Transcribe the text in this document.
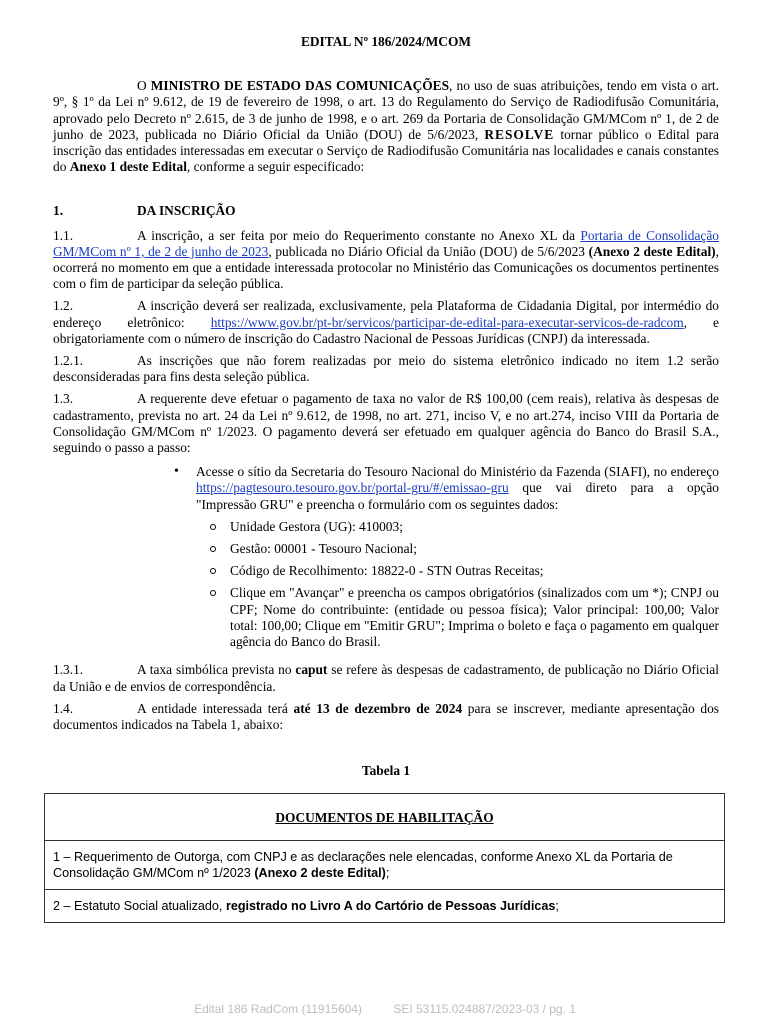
EDITAL Nº 186/2024/MCOM

O MINISTRO DE ESTADO DAS COMUNICAÇÕES, no uso de suas atribuições, tendo em vista o art. 9º, § 1º da Lei nº 9.612, de 19 de fevereiro de 1998, o art. 13 do Regulamento do Serviço de Radiodifusão Comunitária, aprovado pelo Decreto nº 2.615, de 3 de junho de 1998, e o art. 269 da Portaria de Consolidação GM/MCom nº 1, de 2 de junho de 2023, publicada no Diário Oficial da União (DOU) de 5/6/2023, RESOLVE tornar público o Edital para inscrição das entidades interessadas em executar o Serviço de Radiodifusão Comunitária nas localidades e canais constantes do Anexo 1 deste Edital, conforme a seguir especificado:

1.	DA INSCRIÇÃO

1.1.	A inscrição, a ser feita por meio do Requerimento constante no Anexo XL da Portaria de Consolidação GM/MCom nº 1, de 2 de junho de 2023, publicada no Diário Oficial da União (DOU) de 5/6/2023 (Anexo 2 deste Edital), ocorrerá no momento em que a entidade interessada protocolar no Ministério das Comunicações os documentos pertinentes com o fim de participar da seleção pública.

1.2.	A inscrição deverá ser realizada, exclusivamente, pela Plataforma de Cidadania Digital, por intermédio do endereço eletrônico: https://www.gov.br/pt-br/servicos/participar-de-edital-para-executar-servicos-de-radcom, e obrigatoriamente com o número de inscrição do Cadastro Nacional de Pessoas Jurídicas (CNPJ) da interessada.

1.2.1.	As inscrições que não forem realizadas por meio do sistema eletrônico indicado no item 1.2 serão desconsideradas para fins desta seleção pública.

1.3.	A requerente deve efetuar o pagamento de taxa no valor de R$ 100,00 (cem reais), relativa às despesas de cadastramento, prevista no art. 24 da Lei nº 9.612, de 1998, no art. 271, inciso V, e no art.274, inciso VIII da Portaria de Consolidação GM/MCom nº 1/2023. O pagamento deverá ser efetuado em qualquer agência do Banco do Brasil S.A., seguindo o passo a passo:

• Acesse o sítio da Secretaria do Tesouro Nacional do Ministério da Fazenda (SIAFI), no endereço https://pagtesouro.tesouro.gov.br/portal-gru/#/emissao-gru que vai direto para a opção "Impressão GRU" e preencha o formulário com os seguintes dados:
Unidade Gestora (UG): 410003;
Gestão: 00001 - Tesouro Nacional;
Código de Recolhimento: 18822-0 - STN Outras Receitas;
Clique em "Avançar" e preencha os campos obrigatórios (sinalizados com um *); CNPJ ou CPF; Nome do contribuinte: (entidade ou pessoa física); Valor principal: 100,00; Valor total: 100,00; Clique em "Emitir GRU"; Imprima o boleto e faça o pagamento em qualquer agência do Banco do Brasil.

1.3.1.	A taxa simbólica prevista no caput se refere às despesas de cadastramento, de publicação no Diário Oficial da União e de envios de correspondência.

1.4.	A entidade interessada terá até 13 de dezembro de 2024 para se inscrever, mediante apresentação dos documentos indicados na Tabela 1, abaixo:

Tabela 1
DOCUMENTOS DE HABILITAÇÃO
1 – Requerimento de Outorga, com CNPJ e as declarações nele elencadas, conforme Anexo XL da Portaria de Consolidação GM/MCom nº 1/2023 (Anexo 2 deste Edital);
2 – Estatuto Social atualizado, registrado no Livro A do Cartório de Pessoas Jurídicas;
Edital 186 RadCom (11915604)	SEI 53115.024887/2023-03 / pg. 1
